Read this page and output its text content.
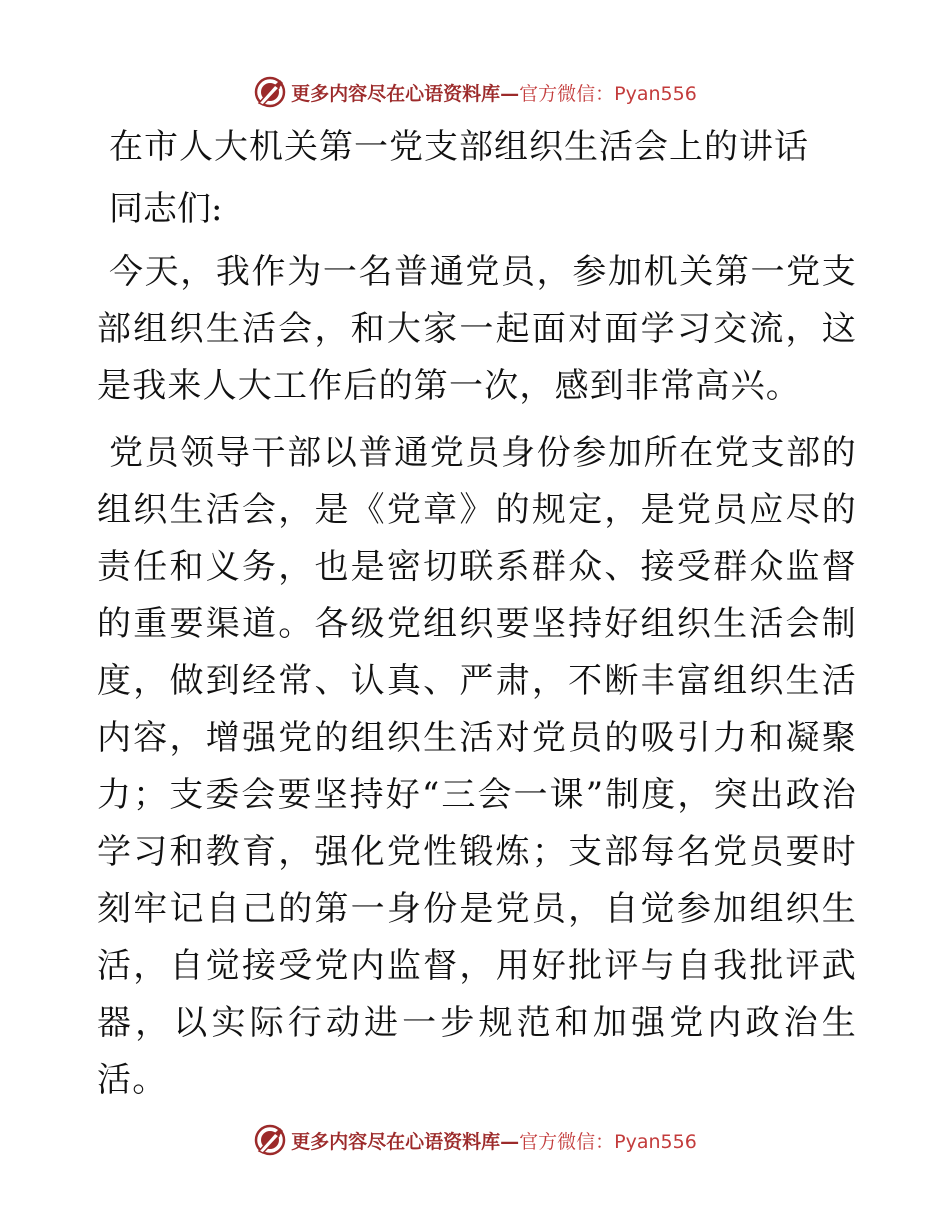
更多内容尽在心语资料库— 官方微信：Pyan556
在市人大机关第一党支部组织生活会上的讲话
同志们:

今天，我作为一名普通党员，参加机关第一党支部组织生活会，和大家一起面对面学习交流，这是我来人大工作后的第一次，感到非常高兴。

党员领导干部以普通党员身份参加所在党支部的组织生活会，是《党章》的规定，是党员应尽的责任和义务，也是密切联系群众、接受群众监督的重要渠道。各级党组织要坚持好组织生活会制度，做到经常、认真、严肃，不断丰富组织生活内容，增强党的组织生活对党员的吸引力和凝聚力；支委会要坚持好“三会一课”制度，突出政治学习和教育，强化党性锻炼；支部每名党员要时刻牢记自己的第一身份是党员，自觉参加组织生活，自觉接受党内监督，用好批评与自我批评武器，以实际行动进一步规范和加强党内政治生活。

更多内容尽在心语资料库— 官方微信：Pyan556
